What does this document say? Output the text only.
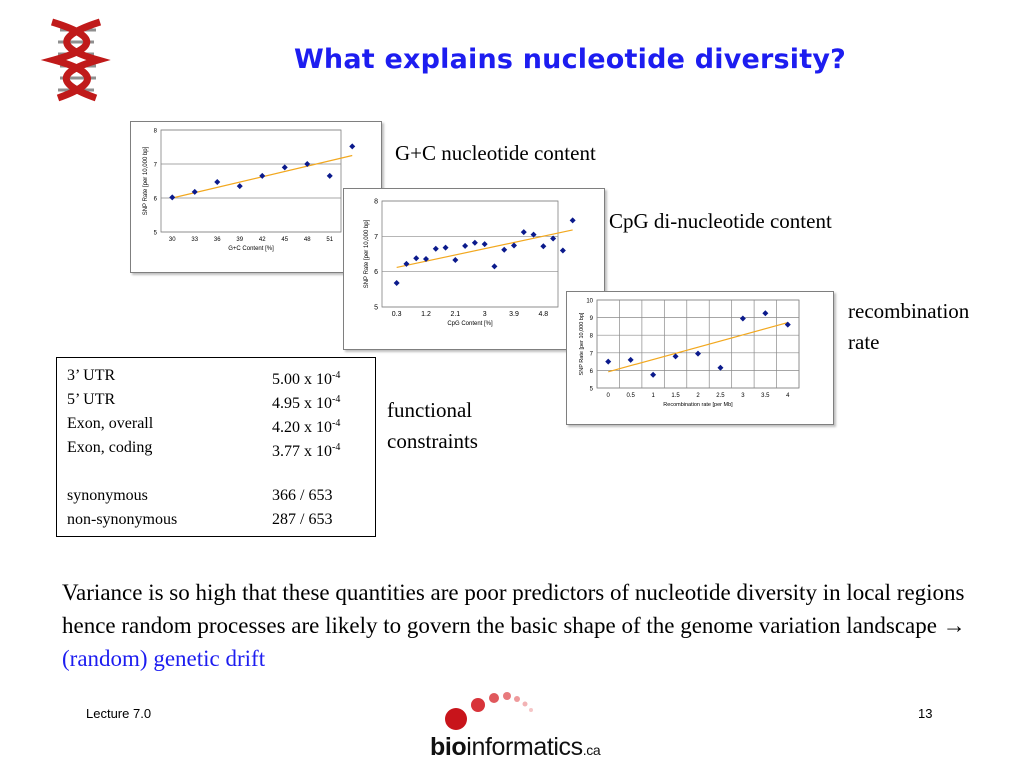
What explains nucleotide diversity?
5
6
7
8
30	33	36	39	42	45	48	51
G+C Content [%]
SNP Rate [per 10,000 bp]	G+C nucleotide content
5
6
7
8
0.3	1.2	2.1	3	3.9	4.8
CpG Content [%]
SNP Rate [per 10,000 bp]	CpG di-nucleotide content
5
6
7
8
9
10
0	0.5	1	1.5	2	2.5	3	3.5	4
Recombination rate [per Mb]
SNP Rate [per 10,000 bp]
recombination
rate
3’ UTR	5.00 x $10^{-4}$
5’ UTR	4.95 x $10^{-4}$
Exon, overall	4.20 x $10^{-4}$
Exon, coding	3.77 x $10^{-4}$
synonymous	366 / 653
non-synonymous	287 / 653
functional
constraints

Variance is so high that these quantities are poor predictors of nucleotide diversity in local regions hence random processes are likely to govern the basic shape of the genome variation landscape → (random) genetic drift

Lecture 7.0	13
bioinformatics.ca
